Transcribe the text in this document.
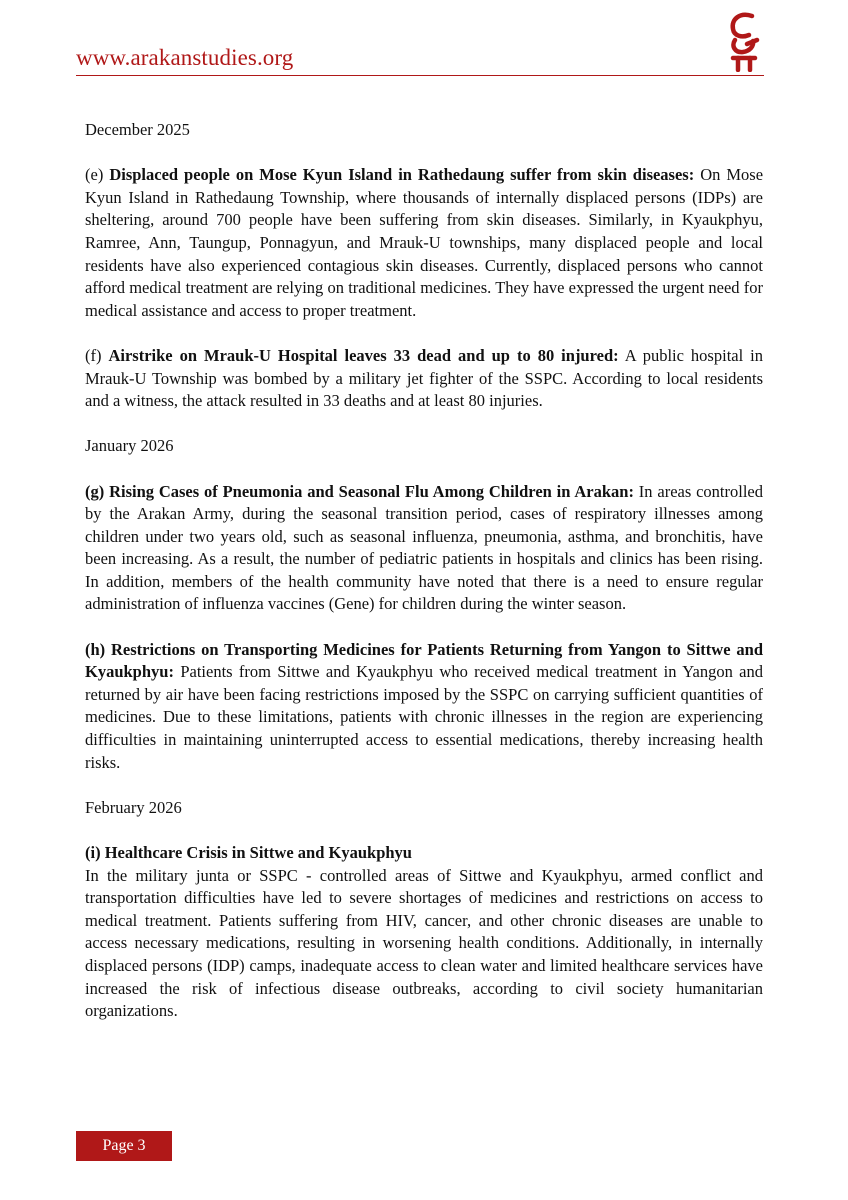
www.arakanstudies.org

December 2025

(e) Displaced people on Mose Kyun Island in Rathedaung suffer from skin diseases: On Mose Kyun Island in Rathedaung Township, where thousands of internally displaced persons (IDPs) are sheltering, around 700 people have been suffering from skin diseases. Similarly, in Kyaukphyu, Ramree, Ann, Taungup, Ponnagyun, and Mrauk-U townships, many displaced people and local residents have also experienced contagious skin diseases. Currently, displaced persons who cannot afford medical treatment are relying on traditional medicines. They have expressed the urgent need for medical assistance and access to proper treatment.

(f) Airstrike on Mrauk-U Hospital leaves 33 dead and up to 80 injured: A public hospital in Mrauk-U Township was bombed by a military jet fighter of the SSPC. According to local residents and a witness, the attack resulted in 33 deaths and at least 80 injuries.

January 2026

(g) Rising Cases of Pneumonia and Seasonal Flu Among Children in Arakan: In areas controlled by the Arakan Army, during the seasonal transition period, cases of respiratory illnesses among children under two years old, such as seasonal influenza, pneumonia, asthma, and bronchitis, have been increasing. As a result, the number of pediatric patients in hospitals and clinics has been rising. In addition, members of the health community have noted that there is a need to ensure regular administration of influenza vaccines (Gene) for children during the winter season.

(h) Restrictions on Transporting Medicines for Patients Returning from Yangon to Sittwe and Kyaukphyu: Patients from Sittwe and Kyaukphyu who received medical treatment in Yangon and returned by air have been facing restrictions imposed by the SSPC on carrying sufficient quantities of medicines. Due to these limitations, patients with chronic illnesses in the region are experiencing difficulties in maintaining uninterrupted access to essential medications, thereby increasing health risks.

February 2026

(i) Healthcare Crisis in Sittwe and Kyaukphyu

In the military junta or SSPC - controlled areas of Sittwe and Kyaukphyu, armed conflict and transportation difficulties have led to severe shortages of medicines and restrictions on access to medical treatment. Patients suffering from HIV, cancer, and other chronic diseases are unable to access necessary medications, resulting in worsening health conditions. Additionally, in internally displaced persons (IDP) camps, inadequate access to clean water and limited healthcare services have increased the risk of infectious disease outbreaks, according to civil society humanitarian organizations.

Page 3
